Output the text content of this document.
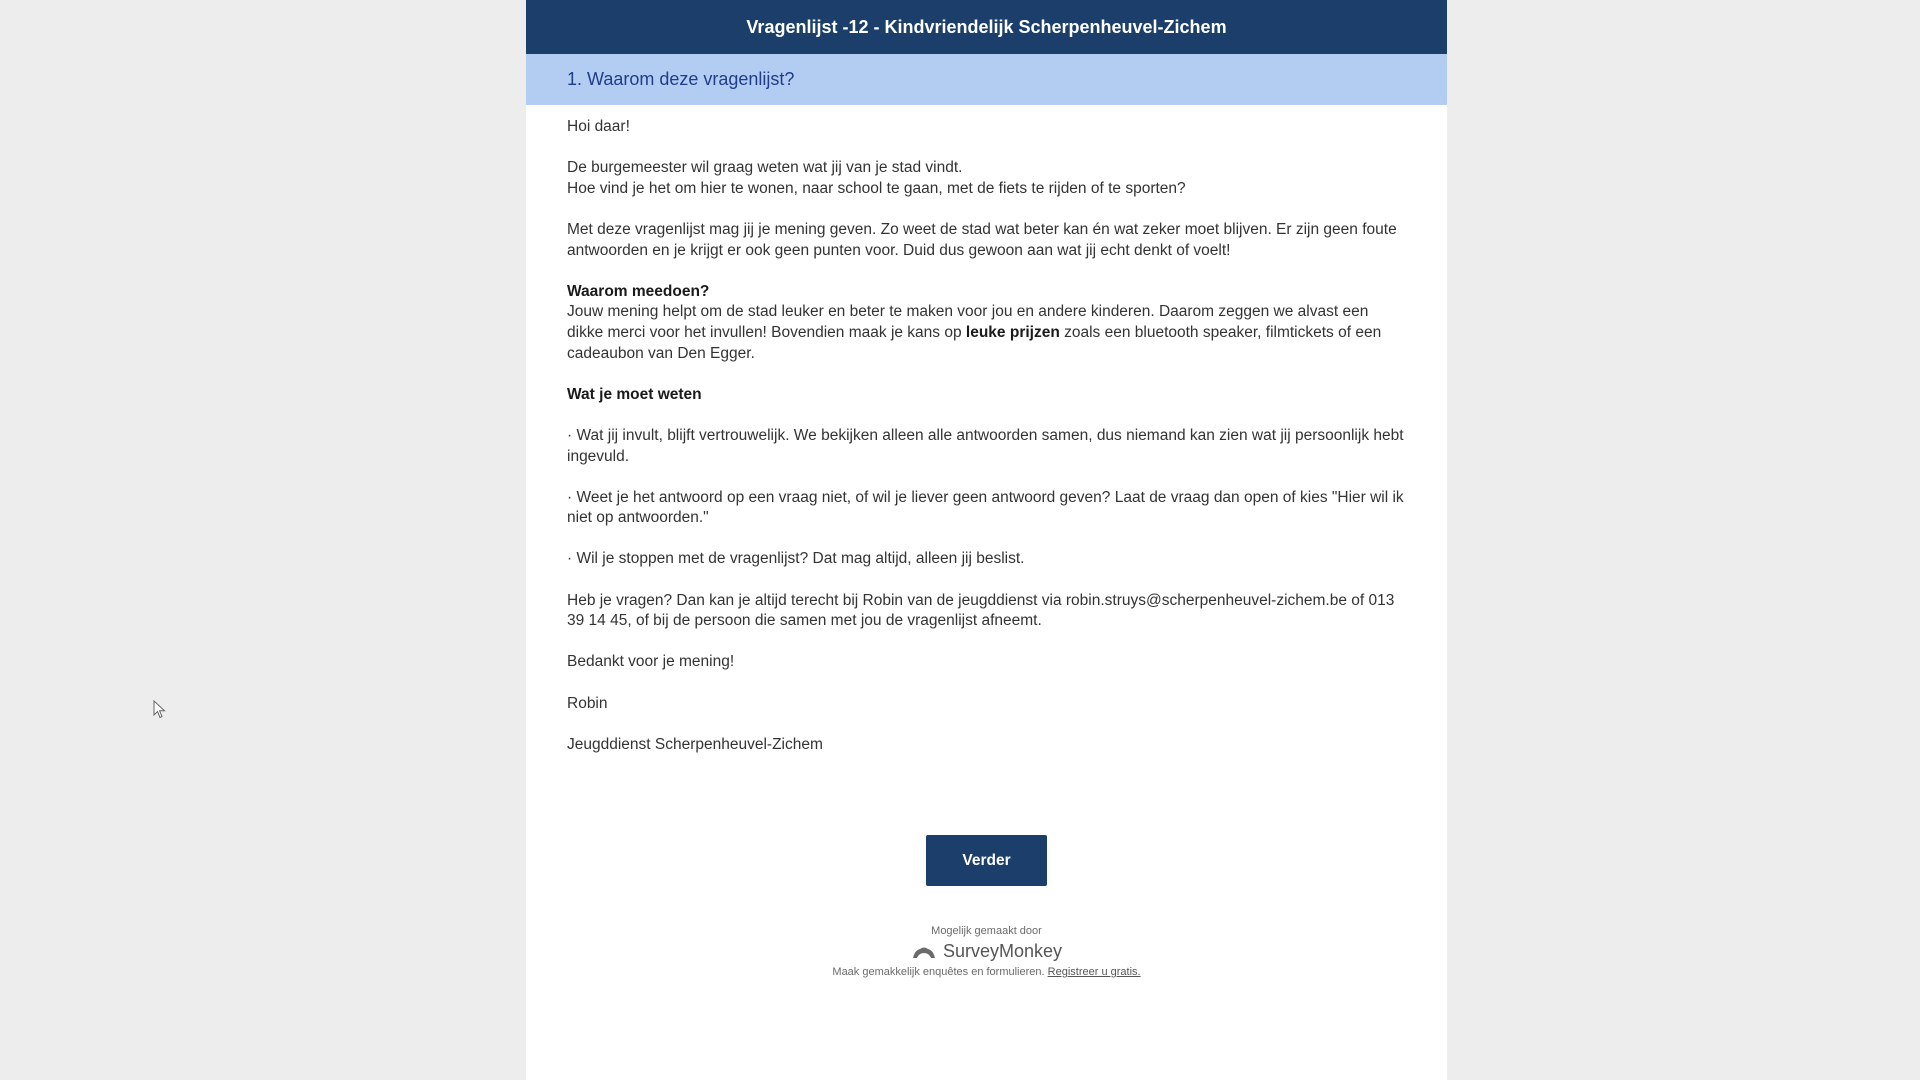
Vragenlijst -12 - Kindvriendelijk Scherpenheuvel-Zichem
1. Waarom deze vragenlijst?

Hoi daar!

De burgemeester wil graag weten wat jij van je stad vindt.
Hoe vind je het om hier te wonen, naar school te gaan, met de fiets te rijden of te sporten?

Met deze vragenlijst mag jij je mening geven. Zo weet de stad wat beter kan én wat zeker moet blijven. Er zijn geen foute antwoorden en je krijgt er ook geen punten voor. Duid dus gewoon aan wat jij echt denkt of voelt!

Waarom meedoen?
Jouw mening helpt om de stad leuker en beter te maken voor jou en andere kinderen. Daarom zeggen we alvast een dikke merci voor het invullen! Bovendien maak je kans op leuke prijzen zoals een bluetooth speaker, filmtickets of een cadeaubon van Den Egger.

Wat je moet weten

· Wat jij invult, blijft vertrouwelijk. We bekijken alleen alle antwoorden samen, dus niemand kan zien wat jij persoonlijk hebt ingevuld.

· Weet je het antwoord op een vraag niet, of wil je liever geen antwoord geven? Laat de vraag dan open of kies "Hier wil ik niet op antwoorden."

· Wil je stoppen met de vragenlijst? Dat mag altijd, alleen jij beslist.

Heb je vragen? Dan kan je altijd terecht bij Robin van de jeugddienst via robin.struys@scherpenheuvel-zichem.be of 013 39 14 45, of bij de persoon die samen met jou de vragenlijst afneemt.

Bedankt voor je mening!

Robin

Jeugddienst Scherpenheuvel-Zichem

Verder
Mogelijk gemaakt door
SurveyMonkey
Maak gemakkelijk enquêtes en formulieren. Registreer u gratis.
